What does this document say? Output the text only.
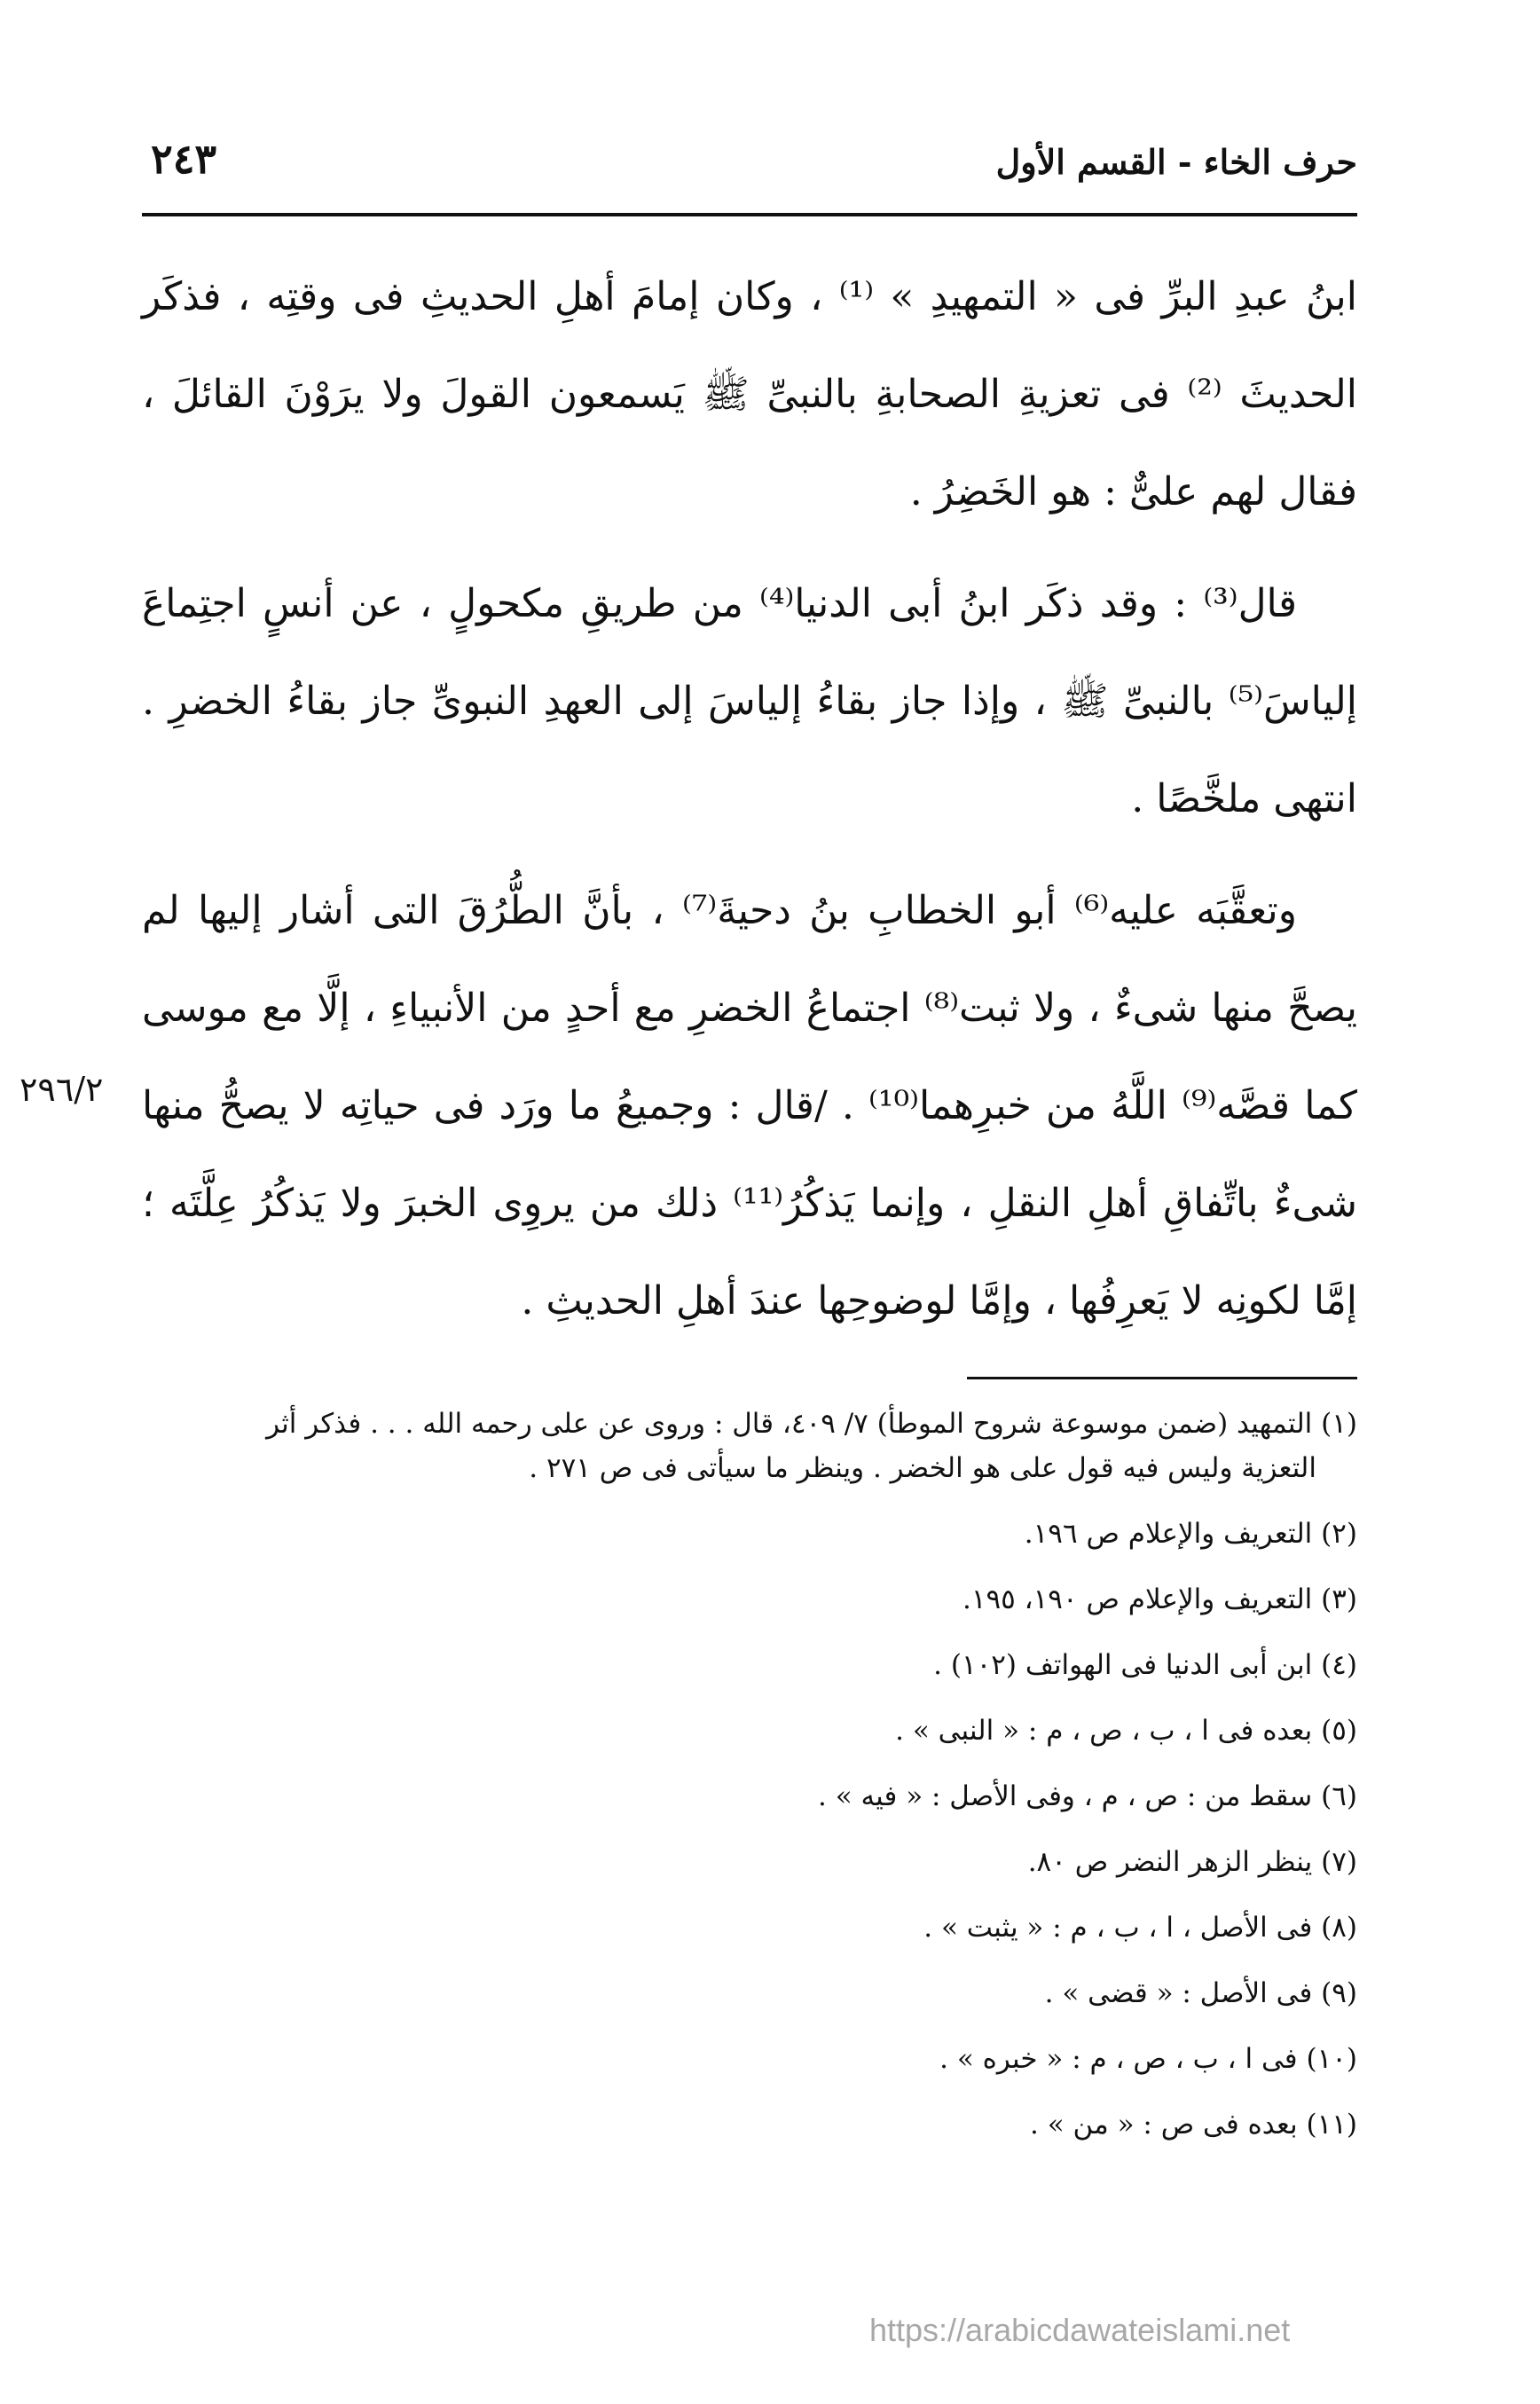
٢٤٣	حرف الخاء - القسم الأول

ابنُ عبدِ البرِّ فى « التمهيدِ » ⁽¹⁾ ، وكان إمامَ أهلِ الحديثِ فى وقتِه ، فذكَر الحديثَ ⁽²⁾ فى تعزيةِ الصحابةِ بالنبىِّ ﷺ يَسمعون القولَ ولا يرَوْنَ القائلَ ، فقال لهم علىٌّ : هو الخَضِرُ .

قال⁽³⁾ : وقد ذكَر ابنُ أبى الدنيا⁽⁴⁾ من طريقِ مكحولٍ ، عن أنسٍ اجتِماعَ إلياسَ⁽⁵⁾ بالنبىِّ ﷺ ، وإذا جاز بقاءُ إلياسَ إلى العهدِ النبوىِّ جاز بقاءُ الخضرِ . انتهى ملخَّصًا .

وتعقَّبَه عليه⁽⁶⁾ أبو الخطابِ بنُ دحيةَ⁽⁷⁾ ، بأنَّ الطُّرُقَ التى أشار إليها لم يصحَّ منها شىءٌ ، ولا ثبت⁽⁸⁾ اجتماعُ الخضرِ مع أحدٍ من الأنبياءِ ، إلَّا مع موسى كما قصَّه⁽⁹⁾ اللَّهُ من خبرِهما⁽¹⁰⁾ . /قال : وجميعُ ما ورَد فى حياتِه لا يصحُّ منها شىءٌ باتِّفاقِ أهلِ النقلِ ، وإنما يَذكُرُ⁽¹¹⁾ ذلك من يروِى الخبرَ ولا يَذكُرُ عِلَّتَه ؛ إمَّا لكونِه لا يَعرِفُها ، وإمَّا لوضوحِها عندَ أهلِ الحديثِ .

٢٩٦/٢
(١) التمهيد (ضمن موسوعة شروح الموطأ) ٧/ ٤٠٩، قال : وروى عن على رحمه الله . . . فذكر أثر
التعزية وليس فيه قول على هو الخضر . وينظر ما سيأتى فى ص ٢٧١ .
(٢) التعريف والإعلام ص ١٩٦.
(٣) التعريف والإعلام ص ١٩٠، ١٩٥.
(٤) ابن أبى الدنيا فى الهواتف (١٠٢) .
(٥) بعده فى ا ، ب ، ص ، م : « النبى » .
(٦) سقط من : ص ، م ، وفى الأصل : « فيه » .
(٧) ينظر الزهر النضر ص ٨٠.
(٨) فى الأصل ، ا ، ب ، م : « يثبت » .
(٩) فى الأصل : « قضى » .
(١٠) فى ا ، ب ، ص ، م : « خبره » .
(١١) بعده فى ص : « من » .
https://arabicdawateislami.net
